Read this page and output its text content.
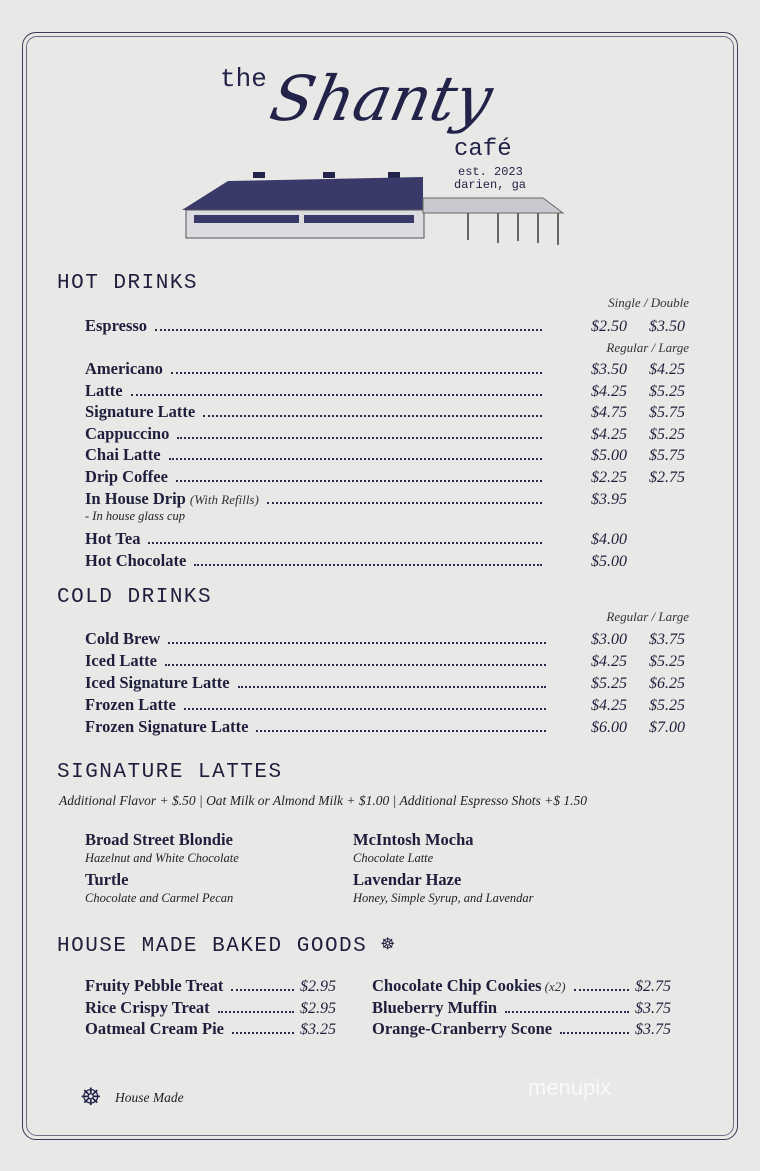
the
Shanty
café
est. 2023
darien, ga
HOT DRINKS
Single / Double
Regular / Large
Espresso	$2.50 $3.50
Americano	$3.50 $4.25
Latte	$4.25 $5.25
Signature Latte	$4.75 $5.75
Cappuccino	$4.25 $5.25
Chai Latte	$5.00 $5.75
Drip Coffee	$2.25 $2.75
In House Drip (With Refills)	$3.95
- In house glass cup
Hot Tea	$4.00
Hot Chocolate	$5.00
COLD DRINKS
Regular / Large
Cold Brew	$3.00 $3.75
Iced Latte	$4.25 $5.25
Iced Signature Latte	$5.25 $6.25
Frozen Latte	$4.25 $5.25
Frozen Signature Latte	$6.00 $7.00
SIGNATURE LATTES
Additional Flavor + $.50 | Oat Milk or Almond Milk + $1.00 | Additional Espresso Shots +$ 1.50
Broad Street Blondie
Hazelnut and White Chocolate
Turtle
Chocolate and Carmel Pecan
McIntosh Mocha
Chocolate Latte
Lavendar Haze
Honey, Simple Syrup, and Lavendar
HOUSE MADE BAKED GOODS ☸
Fruity Pebble Treat	$2.95
Rice Crispy Treat	$2.95
Oatmeal Cream Pie	$3.25
Chocolate Chip Cookies (x2)	$2.75
Blueberry Muffin	$3.75
Orange-Cranberry Scone	$3.75
☸ House Made	menupix
